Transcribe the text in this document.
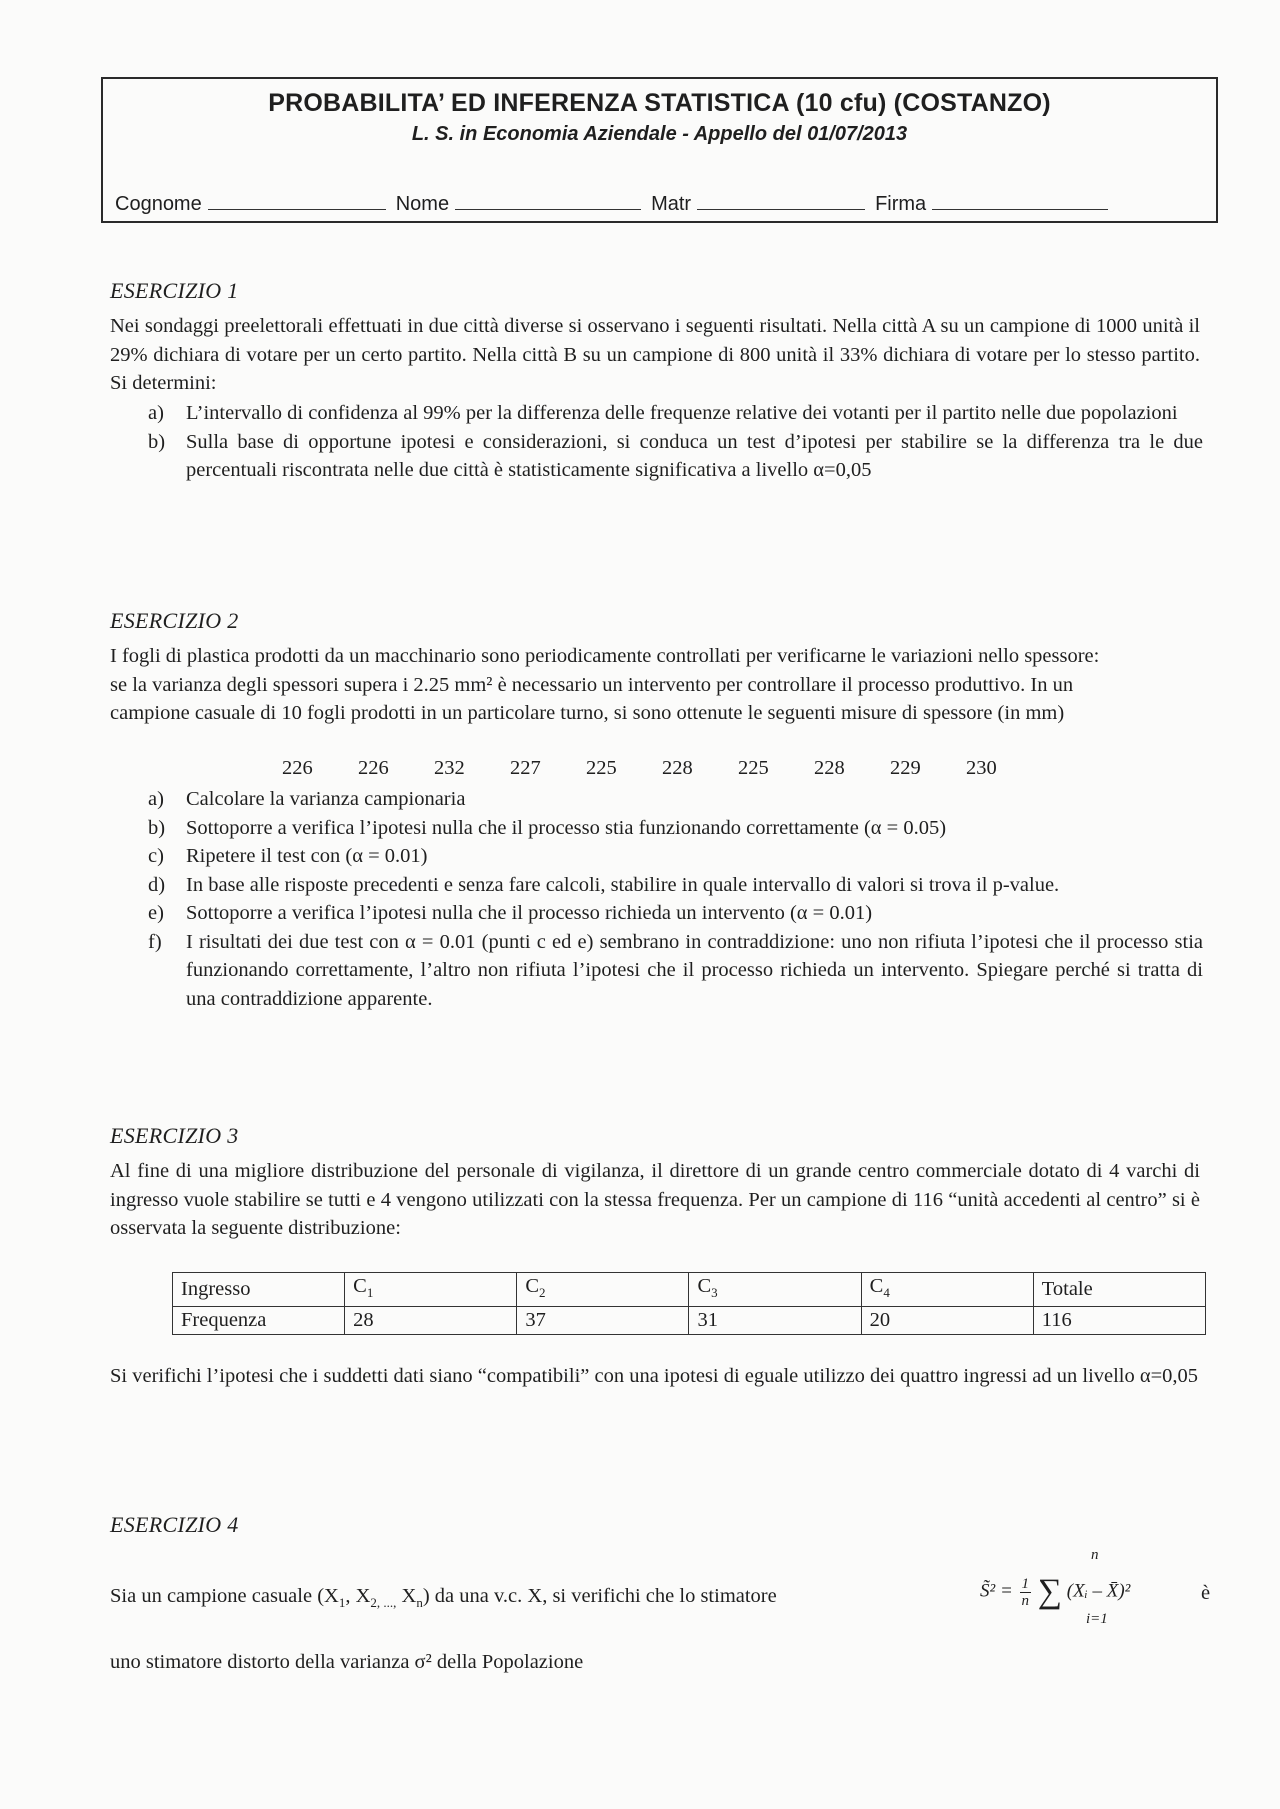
PROBABILITA’ ED INFERENZA STATISTICA (10 cfu) (COSTANZO)
L. S. in Economia Aziendale - Appello del 01/07/2013
Cognome	Nome	Matr	Firma
ESERCIZIO 1
Nei sondaggi preelettorali effettuati in due città diverse si osservano i seguenti risultati. Nella città A su un campione di 1000 unità il 29% dichiara di votare per un certo partito. Nella città B su un campione di 800 unità il 33% dichiara di votare per lo stesso partito. Si determini:
a) L’intervallo di confidenza al 99% per la differenza delle frequenze relative dei votanti per il partito nelle due popolazioni
b) Sulla base di opportune ipotesi e considerazioni, si conduca un test d’ipotesi per stabilire se la differenza tra le due percentuali riscontrata nelle due città è statisticamente significativa a livello α=0,05
ESERCIZIO 2
I fogli di plastica prodotti da un macchinario sono periodicamente controllati per verificarne le variazioni nello spessore: se la varianza degli spessori supera i 2.25 mm² è necessario un intervento per controllare il processo produttivo. In un campione casuale di 10 fogli prodotti in un particolare turno, si sono ottenute le seguenti misure di spessore (in mm)
226	226	232	227	225	228	225	228	229	230
a) Calcolare la varianza campionaria
b) Sottoporre a verifica l’ipotesi nulla che il processo stia funzionando correttamente (α = 0.05)
c) Ripetere il test con (α = 0.01)
d) In base alle risposte precedenti e senza fare calcoli, stabilire in quale intervallo di valori si trova il p-value.
e) Sottoporre a verifica l’ipotesi nulla che il processo richieda un intervento (α = 0.01)
f) I risultati dei due test con α = 0.01 (punti c ed e) sembrano in contraddizione: uno non rifiuta l’ipotesi che il processo stia funzionando correttamente, l’altro non rifiuta l’ipotesi che il processo richieda un intervento. Spiegare perché si tratta di una contraddizione apparente.
ESERCIZIO 3
Al fine di una migliore distribuzione del personale di vigilanza, il direttore di un grande centro commerciale dotato di 4 varchi di ingresso vuole stabilire se tutti e 4 vengono utilizzati con la stessa frequenza. Per un campione di 116 “unità accedenti al centro” si è osservata la seguente distribuzione:
Ingresso	$C_1$	$C_2$	$C_3$	$C_4$	Totale
Frequenza	28	37	31	20	116
Si verifichi l’ipotesi che i suddetti dati siano “compatibili” con una ipotesi di eguale utilizzo dei quattro ingressi ad un livello α=0,05
ESERCIZIO 4
Sia un campione casuale ($X_1$, $X_{2, ...,}$ $X_n$) da una v.c. X, si verifichi che lo stimatore
n
S̃² = $\frac{1}{n}$ ∑ (Xᵢ – X̄)²
i=1
è
uno stimatore distorto della varianza σ² della Popolazione
